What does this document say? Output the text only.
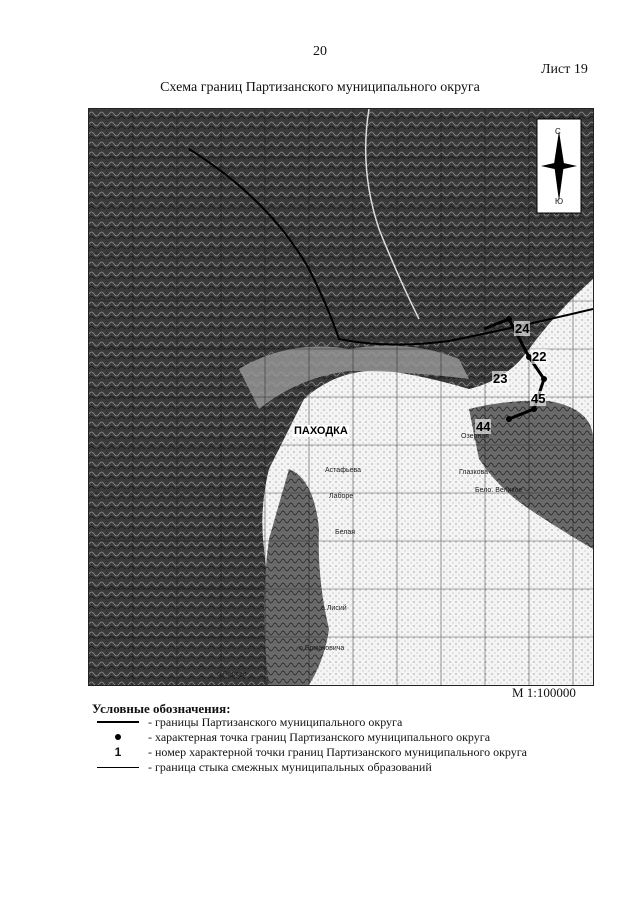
20
Лист 19
Схема границ Партизанского муниципального округа
С
Ю
ПАХОДКА
24
22
23
45
44
Астафьева
Лаборе
Белая
Глазкова
о.Лисий
о.Ермаковича
о.Персев
Бело. Великое
Озерная
М 1:100000
Условные обозначения:
- границы Партизанского муниципального округа
- характерная точка границ Партизанского муниципального округа
1 - номер характерной точки границ Партизанского муниципального округа
- граница стыка смежных муниципальных образований
